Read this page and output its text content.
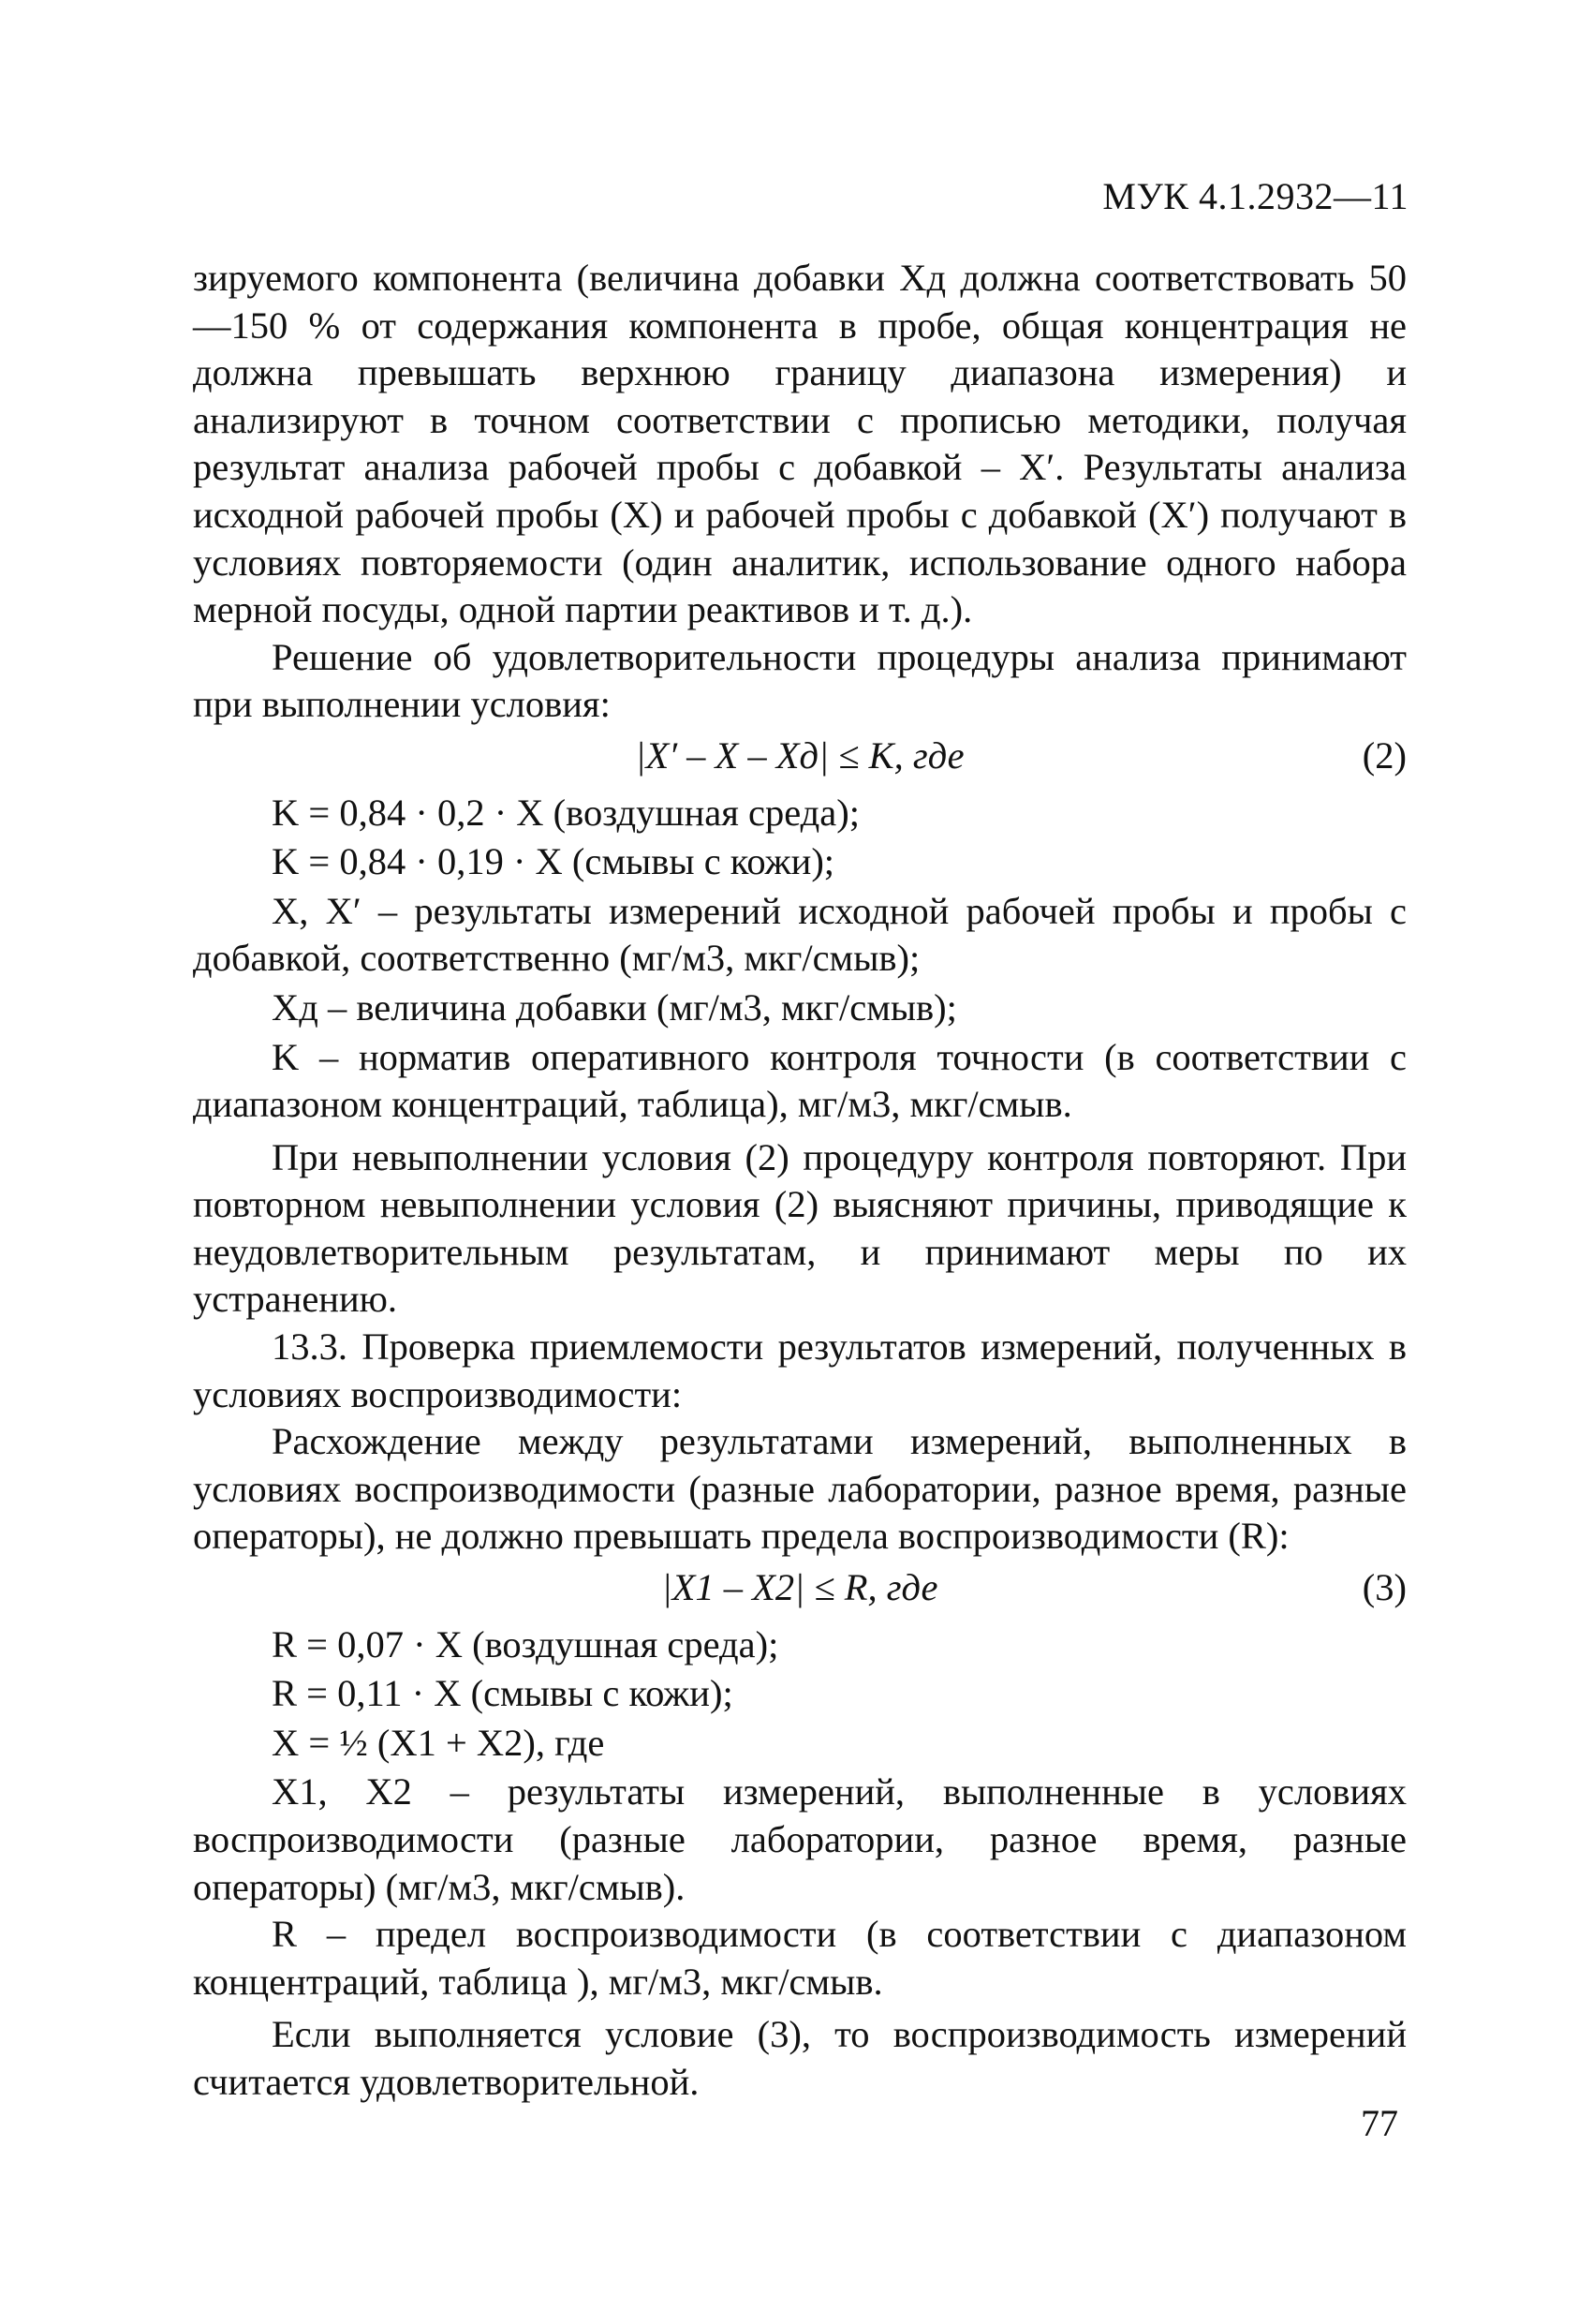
МУК 4.1.2932—11

зируемого компонента (величина добавки Xд должна соответствовать 50—150 % от содержания компонента в пробе, общая концентрация не должна превышать верхнюю границу диапазона измерения) и анализируют в точном соответствии с прописью методики, получая результат анализа рабочей пробы с добавкой – X′. Результаты анализа исходной рабочей пробы (X) и рабочей пробы с добавкой (X′) получают в условиях повторяемости (один аналитик, использование одного набора мерной посуды, одной партии реактивов и т. д.).

Решение об удовлетворительности процедуры анализа принимают при выполнении условия:

|X′ – X – Xд| ≤ K, где	(2)

K = 0,84 · 0,2 · X (воздушная среда);

K = 0,84 · 0,19 · X (смывы с кожи);

X, X′ – результаты измерений исходной рабочей пробы и пробы с добавкой, соответственно (мг/м3, мкг/смыв);

Xд – величина добавки (мг/м3, мкг/смыв);

K – норматив оперативного контроля точности (в соответствии с диапазоном концентраций, таблица), мг/м3, мкг/смыв.

При невыполнении условия (2) процедуру контроля повторяют. При повторном невыполнении условия (2) выясняют причины, приводящие к неудовлетворительным результатам, и принимают меры по их устранению.

13.3. Проверка приемлемости результатов измерений, полученных в условиях воспроизводимости:

Расхождение между результатами измерений, выполненных в условиях воспроизводимости (разные лаборатории, разное время, разные операторы), не должно превышать предела воспроизводимости (R):

|X1 – X2| ≤ R, где	(3)

R = 0,07 · X (воздушная среда);

R = 0,11 · X (смывы с кожи);

X = ½ (X1 + X2), где

X1, X2 – результаты измерений, выполненные в условиях воспроизводимости (разные лаборатории, разное время, разные операторы) (мг/м3, мкг/смыв).

R – предел воспроизводимости (в соответствии с диапазоном концентраций, таблица ), мг/м3, мкг/смыв.

Если выполняется условие (3), то воспроизводимость измерений считается удовлетворительной.

77
